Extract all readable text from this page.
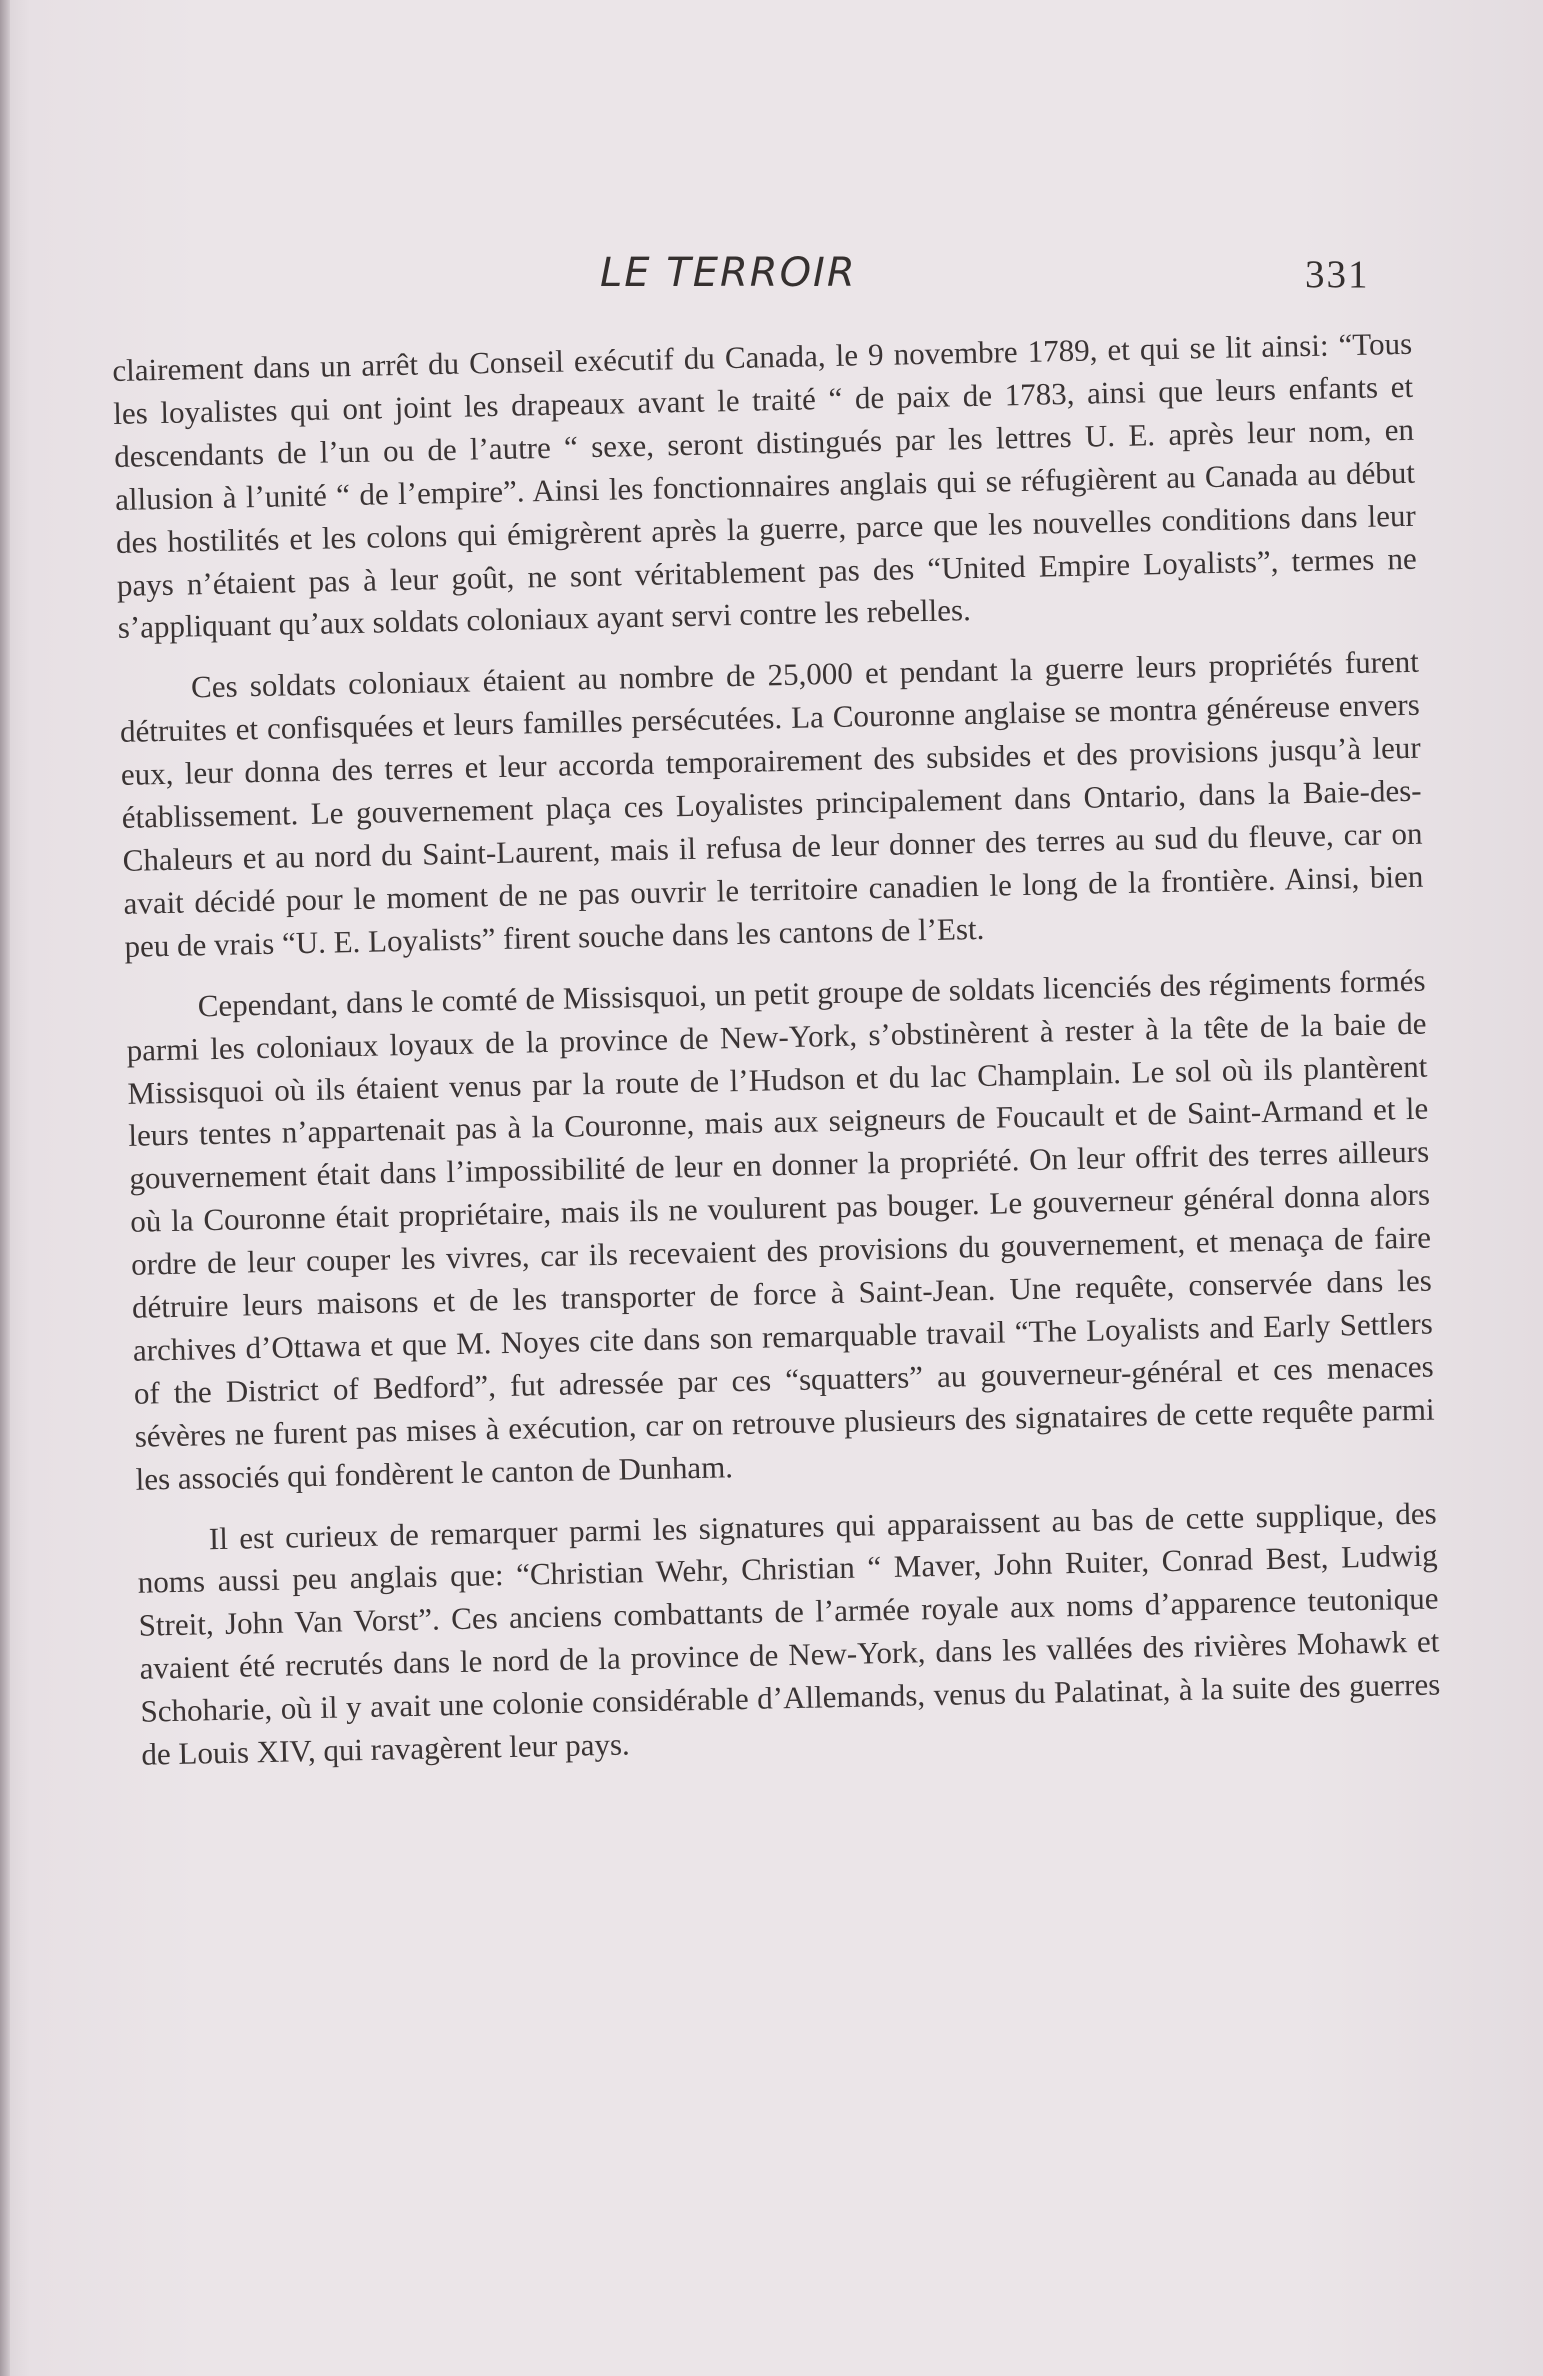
LE TERROIR	331

clairement dans un arrêt du Conseil exécutif du Canada, le 9 novembre 1789, et qui se lit ainsi: “Tous les loyalistes qui ont joint les drapeaux avant le traité “ de paix de 1783, ainsi que leurs enfants et descendants de l’un ou de l’autre “ sexe, seront distingués par les lettres U. E. après leur nom, en allusion à l’unité “ de l’empire”. Ainsi les fonctionnaires anglais qui se réfugièrent au Canada au début des hostilités et les colons qui émigrèrent après la guerre, parce que les nouvelles conditions dans leur pays n’étaient pas à leur goût, ne sont véritablement pas des “United Empire Loyalists”, termes ne s’appliquant qu’aux soldats coloniaux ayant servi contre les rebelles.

Ces soldats coloniaux étaient au nombre de 25,000 et pendant la guerre leurs propriétés furent détruites et confisquées et leurs familles persécutées. La Couronne anglaise se montra généreuse envers eux, leur donna des terres et leur accorda temporairement des subsides et des provisions jusqu’à leur établissement. Le gouvernement plaça ces Loyalistes principalement dans Ontario, dans la Baie-des-Chaleurs et au nord du Saint-Laurent, mais il refusa de leur donner des terres au sud du fleuve, car on avait décidé pour le moment de ne pas ouvrir le territoire canadien le long de la frontière. Ainsi, bien peu de vrais “U. E. Loyalists” firent souche dans les cantons de l’Est.

Cependant, dans le comté de Missisquoi, un petit groupe de soldats licenciés des régiments formés parmi les coloniaux loyaux de la province de New-York, s’obstinèrent à rester à la tête de la baie de Missisquoi où ils étaient venus par la route de l’Hudson et du lac Champlain. Le sol où ils plantèrent leurs tentes n’appartenait pas à la Couronne, mais aux seigneurs de Foucault et de Saint-Armand et le gouvernement était dans l’impossibilité de leur en donner la propriété. On leur offrit des terres ailleurs où la Couronne était propriétaire, mais ils ne voulurent pas bouger. Le gouverneur général donna alors ordre de leur couper les vivres, car ils recevaient des provisions du gouvernement, et menaça de faire détruire leurs maisons et de les transporter de force à Saint-Jean. Une requête, conservée dans les archives d’Ottawa et que M. Noyes cite dans son remarquable travail “The Loyalists and Early Settlers of the District of Bedford”, fut adressée par ces “squatters” au gouverneur-général et ces menaces sévères ne furent pas mises à exécution, car on retrouve plusieurs des signataires de cette requête parmi les associés qui fondèrent le canton de Dunham.

Il est curieux de remarquer parmi les signatures qui apparaissent au bas de cette supplique, des noms aussi peu anglais que: “Christian Wehr, Christian “ Maver, John Ruiter, Conrad Best, Ludwig Streit, John Van Vorst”. Ces anciens combattants de l’armée royale aux noms d’apparence teutonique avaient été recrutés dans le nord de la province de New-York, dans les vallées des rivières Mohawk et Schoharie, où il y avait une colonie considérable d’Allemands, venus du Palatinat, à la suite des guerres de Louis XIV, qui ravagèrent leur pays.
